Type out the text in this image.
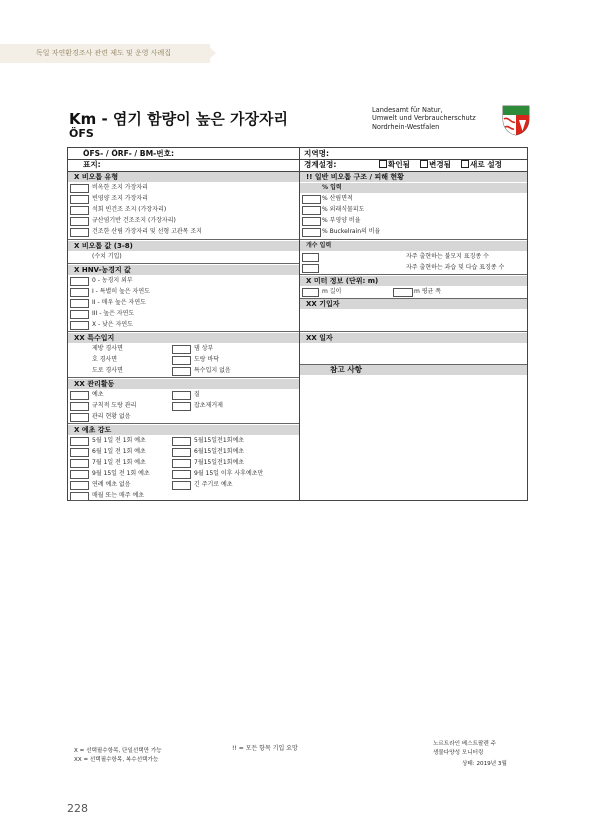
독일 자연환경조사 관련 제도 및 운영 사례집
Km - 염기 함량이 높은 가장자리
ÖFS
Landesamt für Natur,
Umwelt und Verbraucherschutz
Nordrhein-Westfalen
ÖFS- / ÖRF- / BM-번호:	지역명:
표지:	경계설정:	확인됨	변경됨	새로 설정
X 비오톱 유형
비옥한 조지 가장자리
빈영양 조지 가장자리
석회 빈건조 조지 (가장자리)
규산염기반 건조조지 (가장자리)
건조한 산림 가장자리 및 선형 고관목 조지
X 비오톱 값 (3-8)
(수치 기입)
X HNV-농경지 값
0 - 농경지 외부
I - 특별히 높은 자연도
II - 매우 높은 자연도
III - 높은 자연도
X - 낮은 자연도
XX 특수입지
제방 경사면	댐 상부
호 경사면	도랑 바닥
도로 경사면	특수입지 없음
XX 관리활동
예초	질
규칙적 도랑 관리	잡초제거제
관리 현황 없음
X 예초 강도
5월 1일 전 1회 예초	5월15일전1회예초
6월 1일 전 1회 예초	6월15일전1회예초
7월 1일 전 1회 예초	7월15일전1회예초
9월 15일 전 1회 예초	9월 15일 이후 사후예초만
연례 예초 없음	긴 주기로 예초
매월 또는 매주 예초
!! 일반 비오톱 구조 / 피해 현황
% 입력
% 산림면적
% 외래식물피도
% 부영양 비율
% Buckelrain의 비율
개수 입력
자주 출현하는 불모지 표징종 수
자주 출현하는 과습 및 다습 표징종 수
X 미터 정보 (단위: m)
m 길이	m 평균 폭
XX 기입자
XX 일자
참고 사항
X = 선택필수항목, 단일선택만 가능
XX = 선택필수항목, 복수선택가능
!! = 모든 항목 기입 요망
노르트라인 베스트팔렌 주
생물다양성 모니터링
상태: 2019년 3월
228
